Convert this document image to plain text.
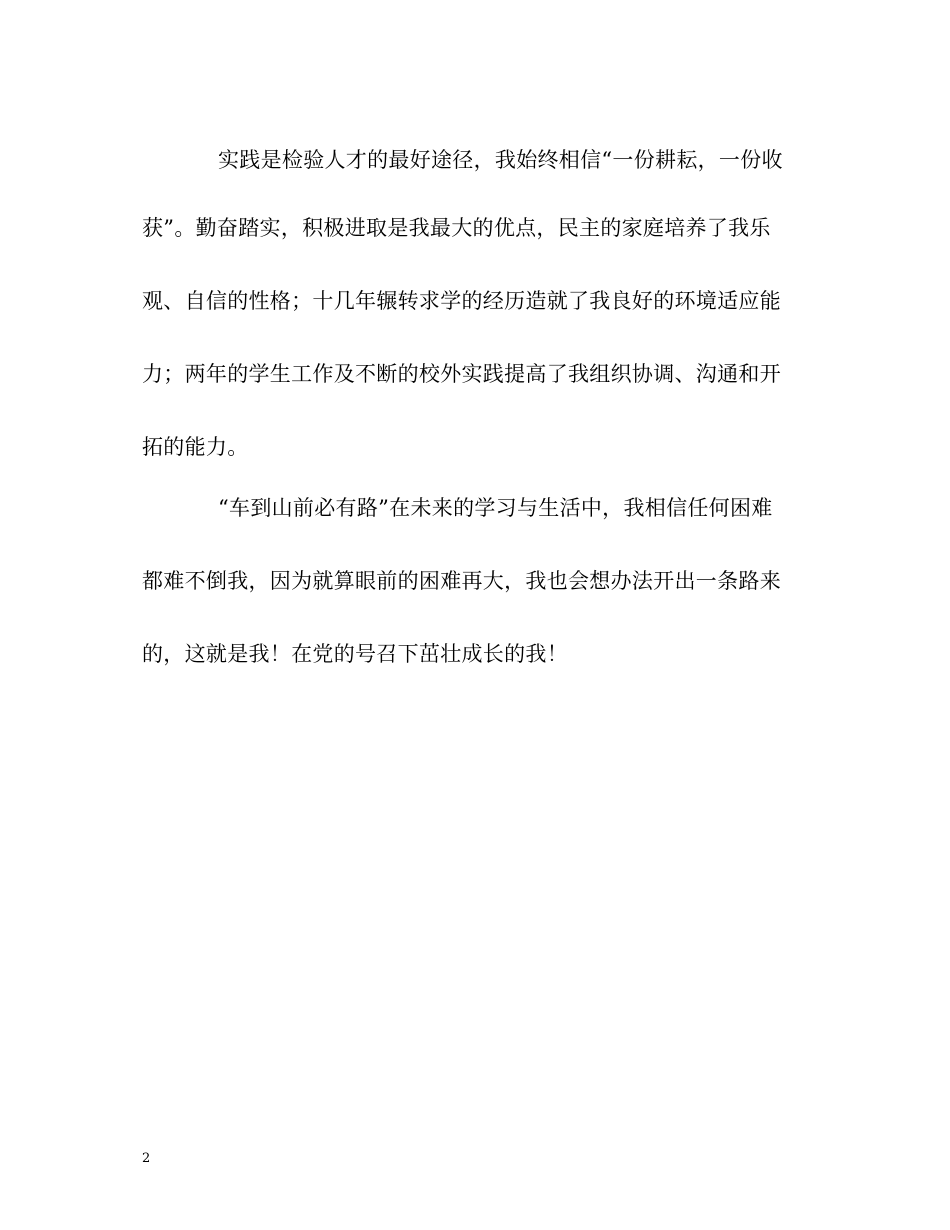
实践是检验人才的最好途径，我始终相信“一份耕耘，一份收
获”。勤奋踏实，积极进取是我最大的优点，民主的家庭培养了我乐
观、自信的性格；十几年辗转求学的经历造就了我良好的环境适应能
力；两年的学生工作及不断的校外实践提高了我组织协调、沟通和开
拓的能力。
“车到山前必有路”在未来的学习与生活中，我相信任何困难
都难不倒我，因为就算眼前的困难再大，我也会想办法开出一条路来
的，这就是我！在党的号召下茁壮成长的我！
2
